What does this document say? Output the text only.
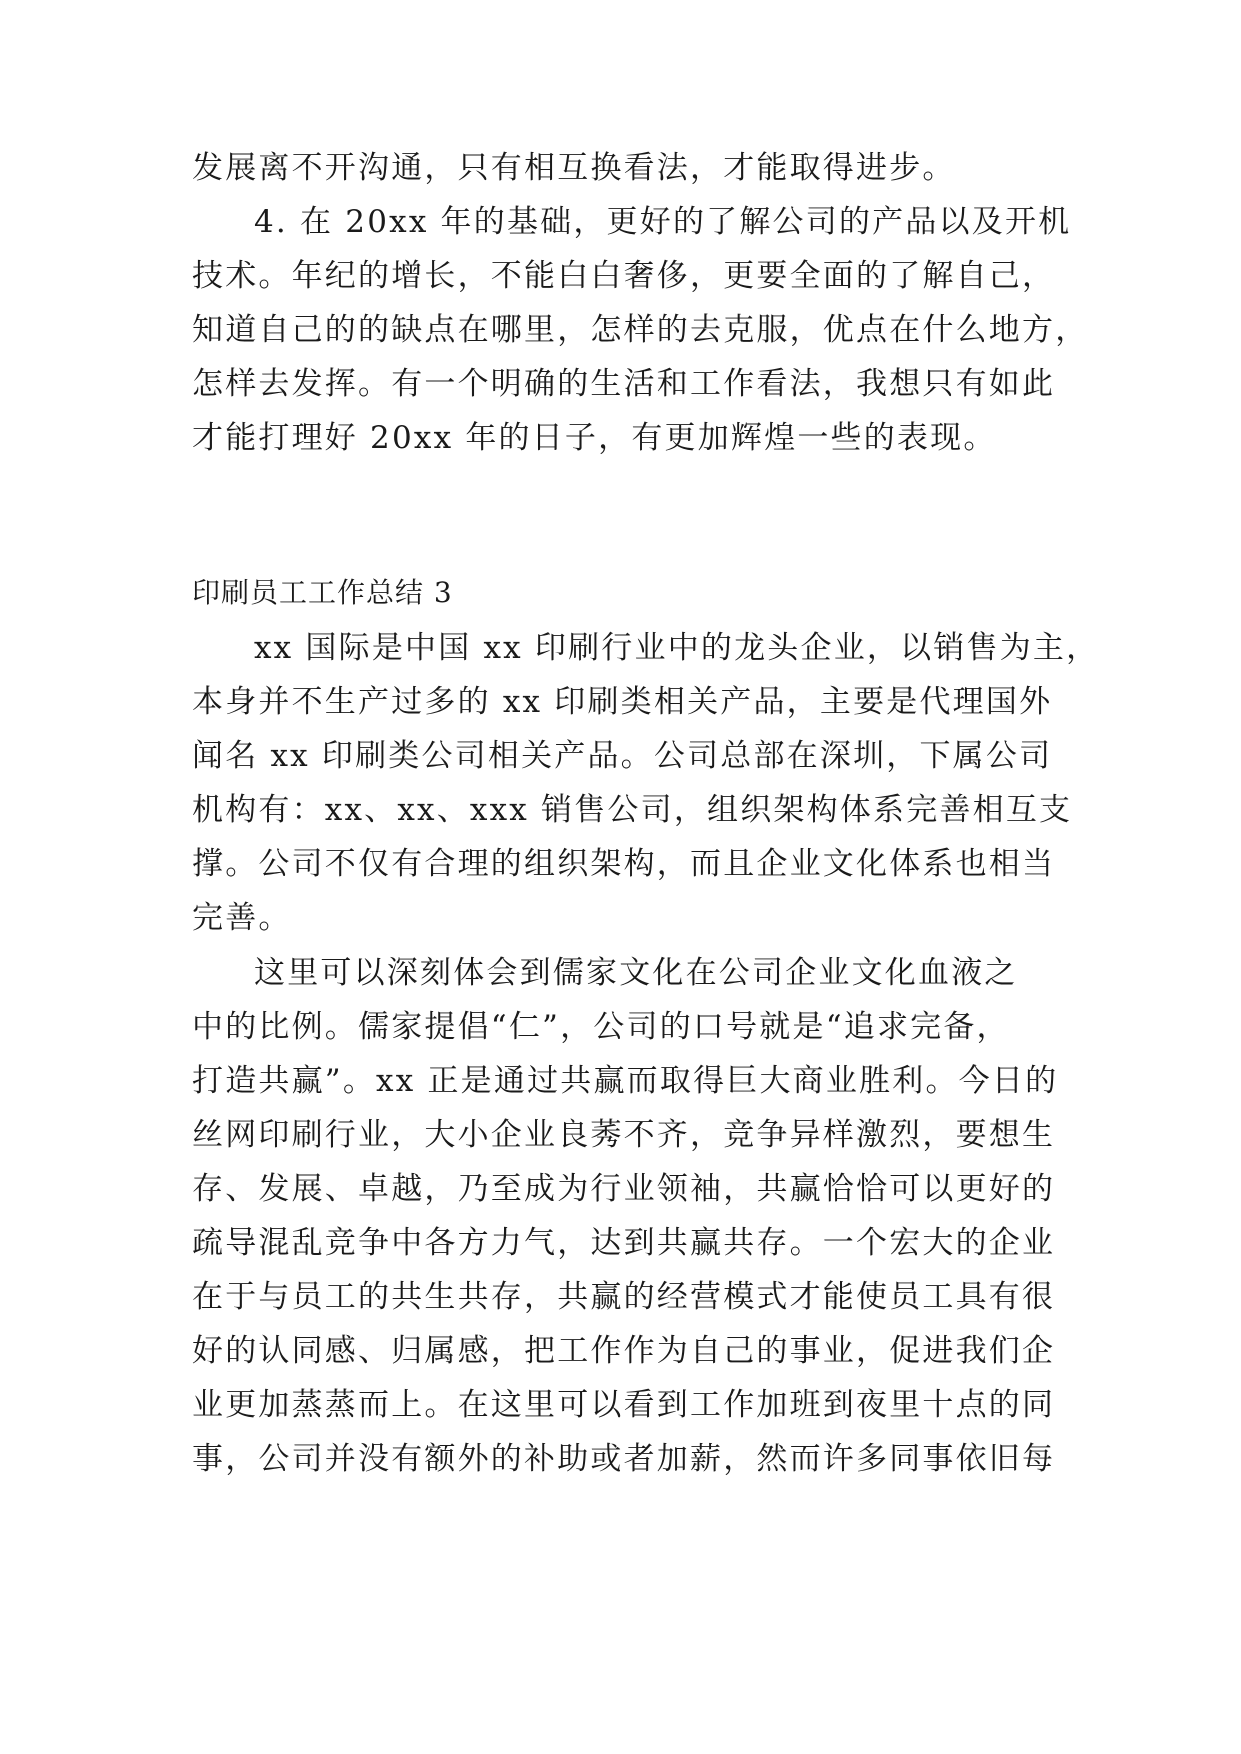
发展离不开沟通，只有相互换看法，才能取得进步。
4. 在 20xx 年的基础，更好的了解公司的产品以及开机
技术。年纪的增长，不能白白奢侈，更要全面的了解自己，
知道自己的的缺点在哪里，怎样的去克服，优点在什么地方，
怎样去发挥。有一个明确的生活和工作看法，我想只有如此
才能打理好 20xx 年的日子，有更加辉煌一些的表现。
印刷员工工作总结 3
xx 国际是中国 xx 印刷行业中的龙头企业，以销售为主，
本身并不生产过多的 xx 印刷类相关产品，主要是代理国外
闻名 xx 印刷类公司相关产品。公司总部在深圳，下属公司
机构有：xx、xx、xxx 销售公司，组织架构体系完善相互支
撑。公司不仅有合理的组织架构，而且企业文化体系也相当
完善。
这里可以深刻体会到儒家文化在公司企业文化血液之
中的比例。儒家提倡“仁”，公司的口号就是“追求完备，
打造共赢”。xx 正是通过共赢而取得巨大商业胜利。今日的
丝网印刷行业，大小企业良莠不齐，竞争异样激烈，要想生
存、发展、卓越，乃至成为行业领袖，共赢恰恰可以更好的
疏导混乱竞争中各方力气，达到共赢共存。一个宏大的企业
在于与员工的共生共存，共赢的经营模式才能使员工具有很
好的认同感、归属感，把工作作为自己的事业，促进我们企
业更加蒸蒸而上。在这里可以看到工作加班到夜里十点的同
事，公司并没有额外的补助或者加薪，然而许多同事依旧每
